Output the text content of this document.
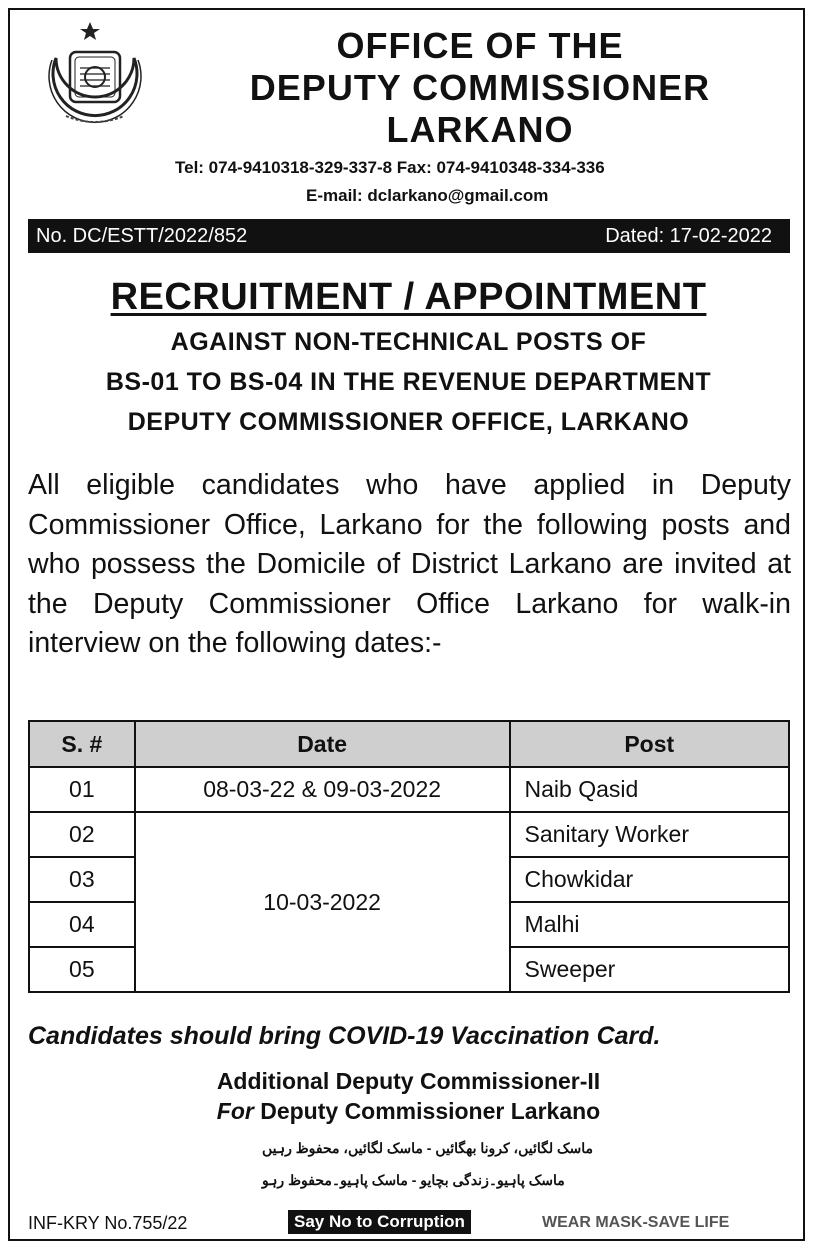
OFFICE OF THE
DEPUTY COMMISSIONER
LARKANO
Tel: 074-9410318-329-337-8 Fax: 074-9410348-334-336
E-mail: dclarkano@gmail.com
No. DC/ESTT/2022/852	Dated: 17-02-2022
RECRUITMENT / APPOINTMENT
AGAINST NON-TECHNICAL POSTS OF
BS-01 TO BS-04 IN THE REVENUE DEPARTMENT
DEPUTY COMMISSIONER OFFICE, LARKANO
All eligible candidates who have applied in Deputy Commissioner Office, Larkano for the following posts and who possess the Domicile of District Larkano are invited at the Deputy Commissioner Office Larkano for walk-in interview on the following dates:-
S. #	Date	Post
01	08-03-22 & 09-03-2022	Naib Qasid
02	10-03-2022	Sanitary Worker
03		Chowkidar
04		Malhi
05		Sweeper
Candidates should bring COVID-19 Vaccination Card.
Additional Deputy Commissioner-II
For Deputy Commissioner Larkano
ماسک لگائیں، کرونا بھگائیں - ماسک لگائیں، محفوظ رہیں
ماسک پاہیو۔زندگی بچایو - ماسک پاہیو۔محفوظ رہو
INF-KRY No.755/22	Say No to Corruption	WEAR MASK-SAVE LIFE
